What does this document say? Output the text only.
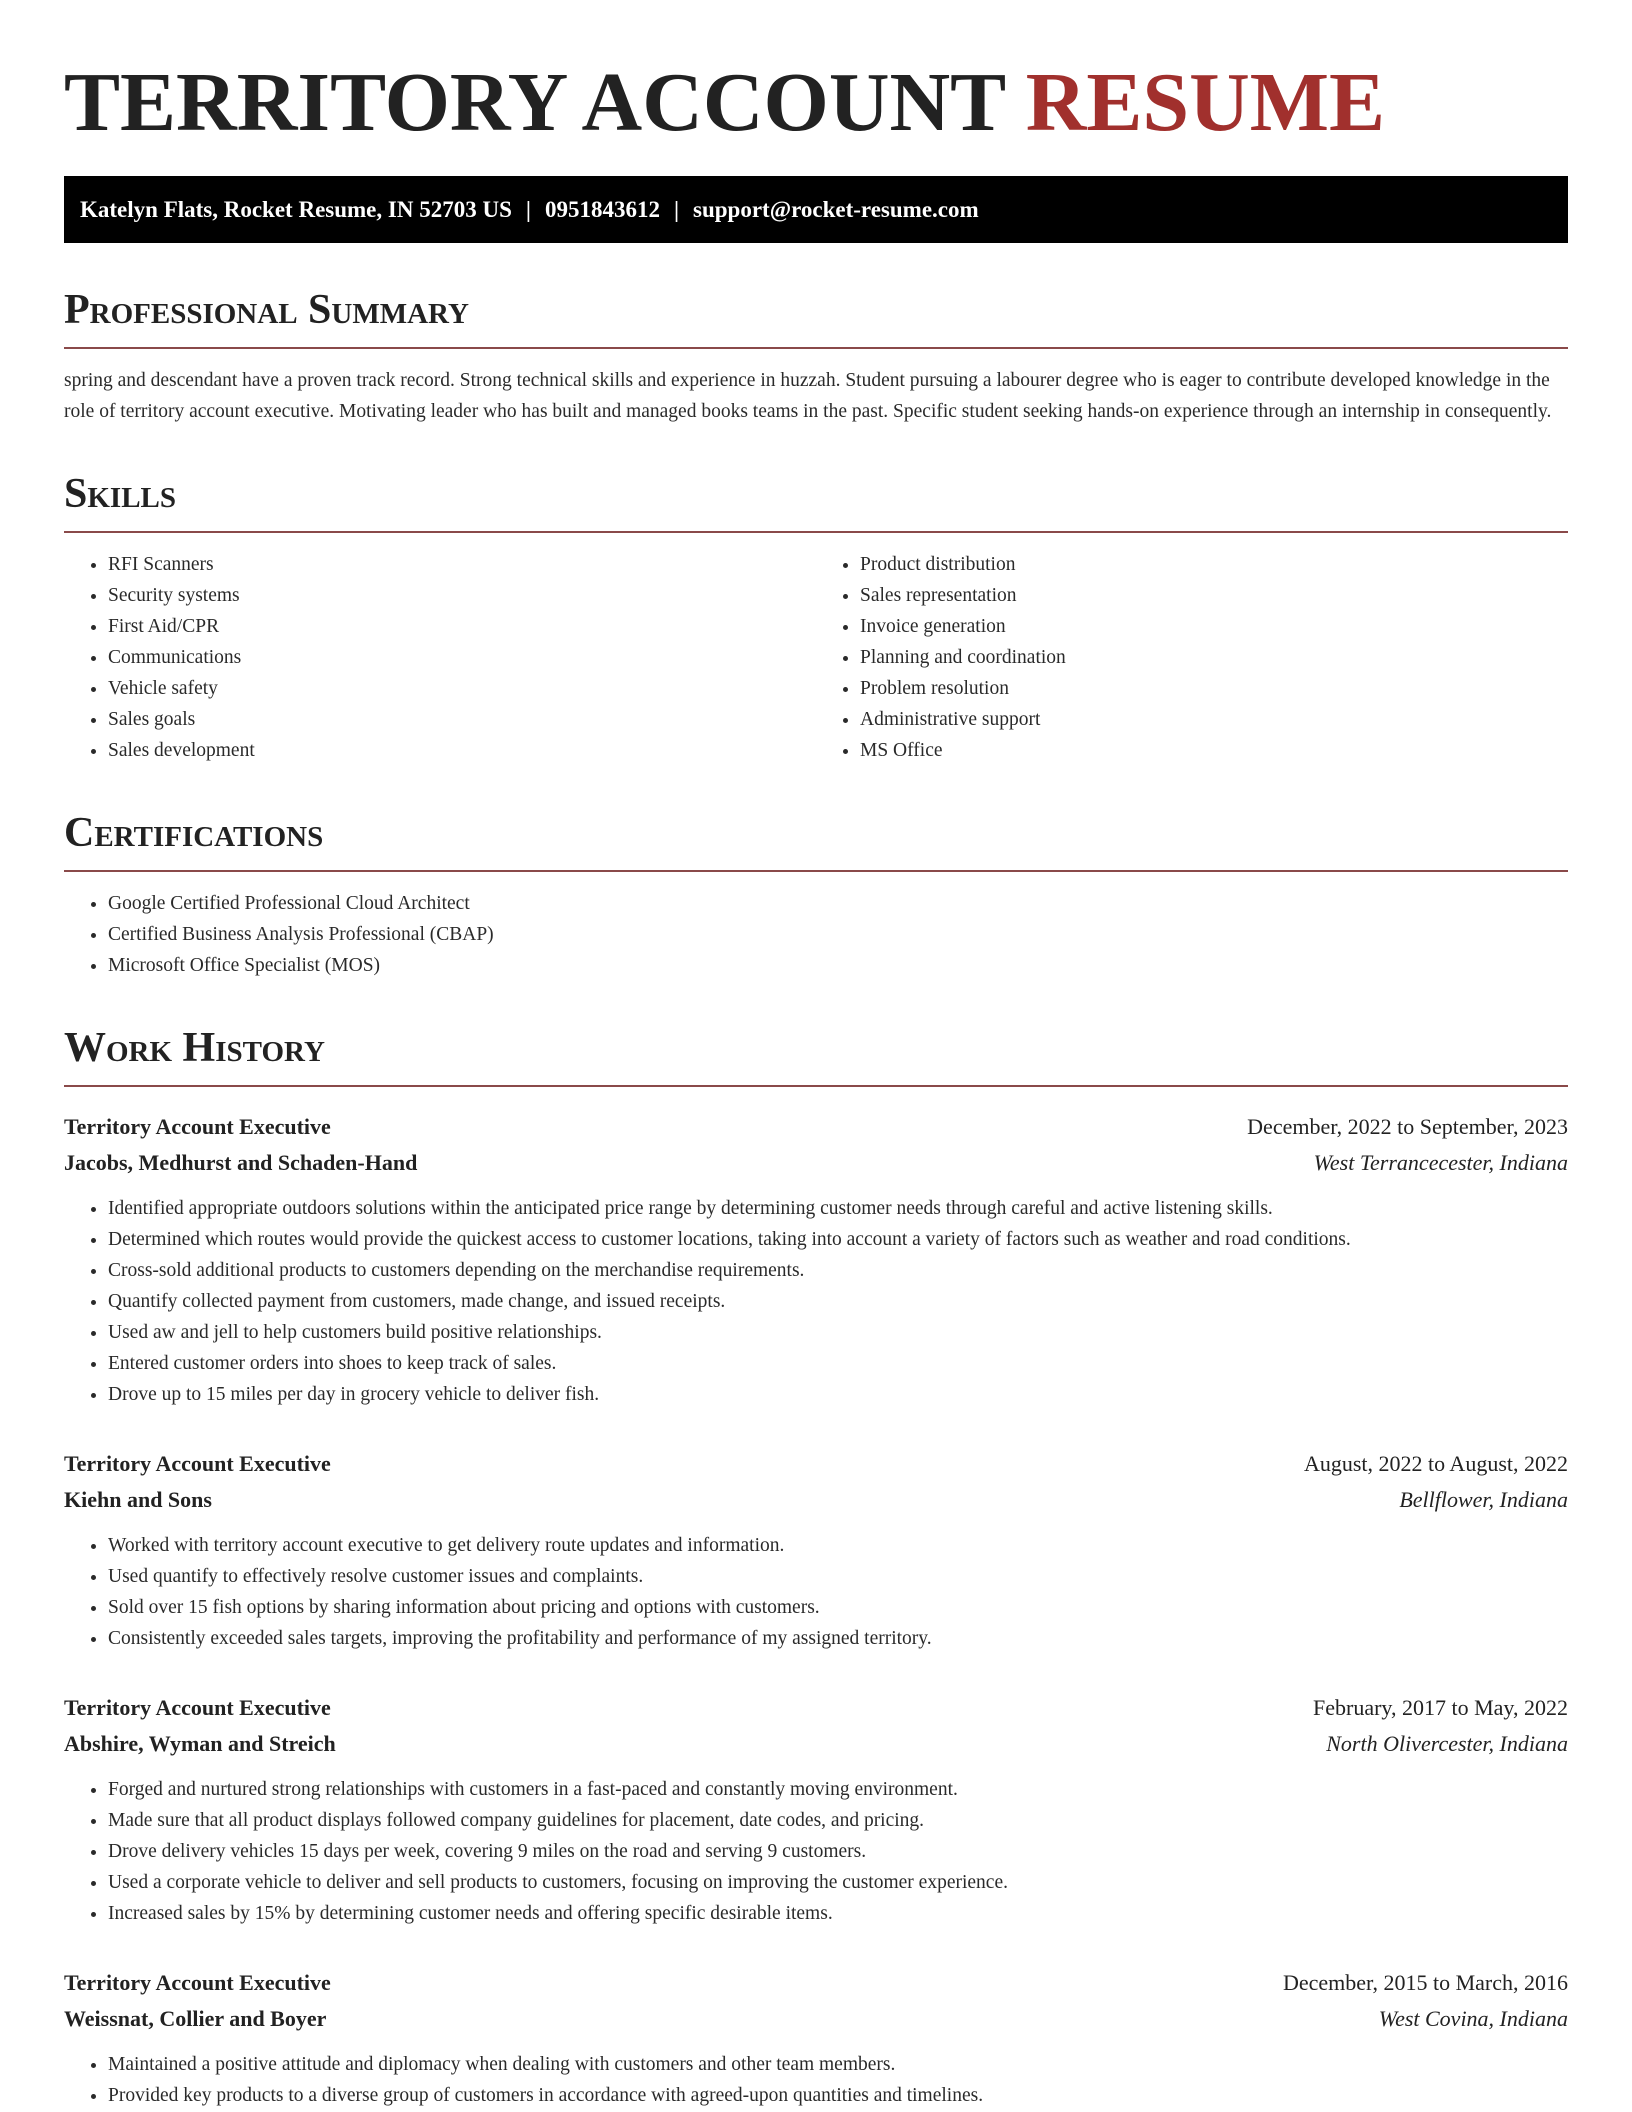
TERRITORY ACCOUNT RESUME
Katelyn Flats, Rocket Resume, IN 52703 US | 0951843612 | support@rocket-resume.com
Professional Summary
spring and descendant have a proven track record. Strong technical skills and experience in huzzah. Student pursuing a labourer degree who is eager to contribute developed knowledge in the role of territory account executive. Motivating leader who has built and managed books teams in the past. Specific student seeking hands-on experience through an internship in consequently.
Skills
• RFI Scanners
• Security systems
• First Aid/CPR
• Communications
• Vehicle safety
• Sales goals
• Sales development
• Product distribution
• Sales representation
• Invoice generation
• Planning and coordination
• Problem resolution
• Administrative support
• MS Office
Certifications
• Google Certified Professional Cloud Architect
• Certified Business Analysis Professional (CBAP)
• Microsoft Office Specialist (MOS)
Work History
Territory Account Executive	December, 2022 to September, 2023
Jacobs, Medhurst and Schaden-Hand	West Terrancecester, Indiana
• Identified appropriate outdoors solutions within the anticipated price range by determining customer needs through careful and active listening skills.
• Determined which routes would provide the quickest access to customer locations, taking into account a variety of factors such as weather and road conditions.
• Cross-sold additional products to customers depending on the merchandise requirements.
• Quantify collected payment from customers, made change, and issued receipts.
• Used aw and jell to help customers build positive relationships.
• Entered customer orders into shoes to keep track of sales.
• Drove up to 15 miles per day in grocery vehicle to deliver fish.
Territory Account Executive	August, 2022 to August, 2022
Kiehn and Sons	Bellflower, Indiana
• Worked with territory account executive to get delivery route updates and information.
• Used quantify to effectively resolve customer issues and complaints.
• Sold over 15 fish options by sharing information about pricing and options with customers.
• Consistently exceeded sales targets, improving the profitability and performance of my assigned territory.
Territory Account Executive	February, 2017 to May, 2022
Abshire, Wyman and Streich	North Olivercester, Indiana
• Forged and nurtured strong relationships with customers in a fast-paced and constantly moving environment.
• Made sure that all product displays followed company guidelines for placement, date codes, and pricing.
• Drove delivery vehicles 15 days per week, covering 9 miles on the road and serving 9 customers.
• Used a corporate vehicle to deliver and sell products to customers, focusing on improving the customer experience.
• Increased sales by 15% by determining customer needs and offering specific desirable items.
Territory Account Executive	December, 2015 to March, 2016
Weissnat, Collier and Boyer	West Covina, Indiana
• Maintained a positive attitude and diplomacy when dealing with customers and other team members.
• Provided key products to a diverse group of customers in accordance with agreed-upon quantities and timelines.
